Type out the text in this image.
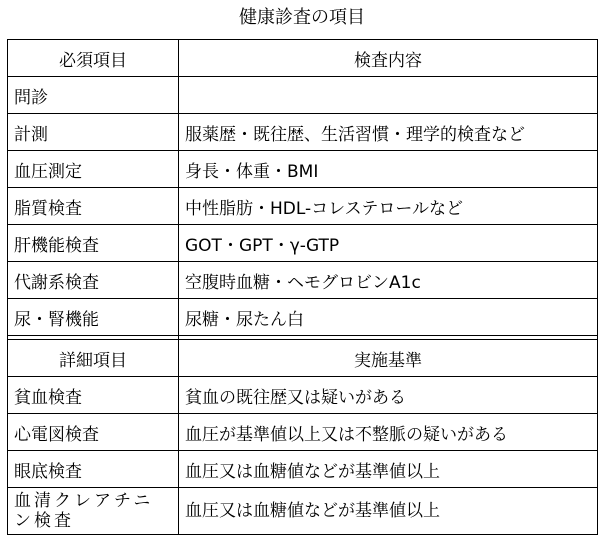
健康診査の項目
必須項目	検査内容
問診	
計測	服薬歴・既往歴、生活習慣・理学的検査など
血圧測定	身長・体重・BMI
脂質検査	中性脂肪・HDL-コレステロールなど
肝機能検査	GOT・GPT・γ-GTP
代謝系検査	空腹時血糖・ヘモグロビンA1c
尿・腎機能	尿糖・尿たん白

詳細項目	実施基準
貧血検査	貧血の既往歴又は疑いがある
心電図検査	血圧が基準値以上又は不整脈の疑いがある
眼底検査	血圧又は血糖値などが基準値以上
血清クレアチニン検査	血圧又は血糖値などが基準値以上
